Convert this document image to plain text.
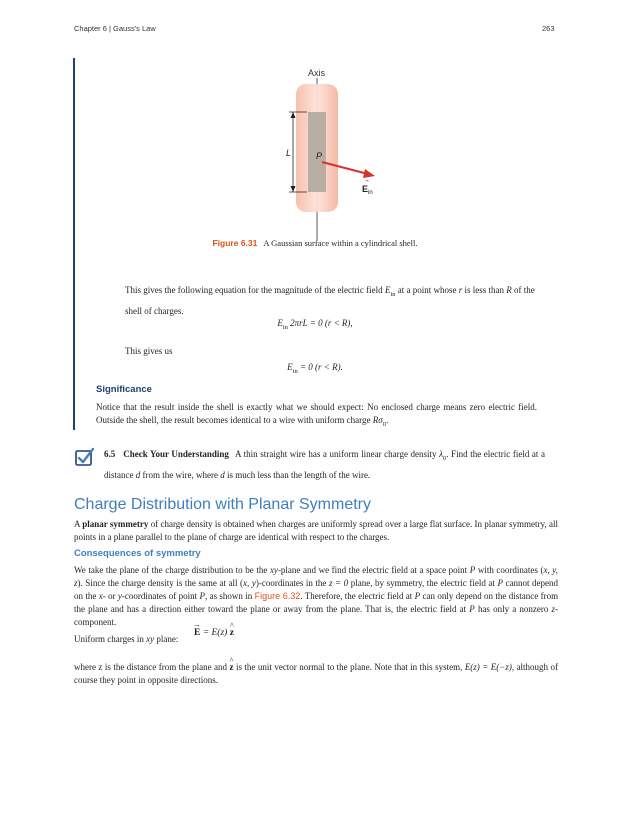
Chapter 6 | Gauss's Law	263
Axis
L	P
$E_{in}$
→
Figure 6.31 A Gaussian surface within a cylindrical shell.
This gives the following equation for the magnitude of the electric field $E_{in}$ at a point whose r is less than R of the shell of charges.
$E_{in}$ 2πrL = 0 (r < R),
This gives us
$E_{in} = 0$ (r < R).
Significance
Notice that the result inside the shell is exactly what we should expect: No enclosed charge means zero electric field. Outside the shell, the result becomes identical to a wire with uniform charge $R\sigma_0$.
6.5 Check Your Understanding A thin straight wire has a uniform linear charge density $\lambda_0$. Find the electric field at a distance d from the wire, where d is much less than the length of the wire.
Charge Distribution with Planar Symmetry
A planar symmetry of charge density is obtained when charges are uniformly spread over a large flat surface. In planar symmetry, all points in a plane parallel to the plane of charge are identical with respect to the charges.
Consequences of symmetry
We take the plane of the charge distribution to be the xy-plane and we find the electric field at a space point P with coordinates (x, y, z). Since the charge density is the same at all (x, y)-coordinates in the z = 0 plane, by symmetry, the electric field at P cannot depend on the x- or y-coordinates of point P, as shown in Figure 6.32. Therefore, the electric field at P can only depend on the distance from the plane and has a direction either toward the plane or away from the plane. That is, the electric field at P has only a nonzero z-component.
Uniform charges in xy plane:
→ E = E(z) ^ z
where z is the distance from the plane and ^ z is the unit vector normal to the plane. Note that in this system, E(z) = E(−z), although of course they point in opposite directions.
